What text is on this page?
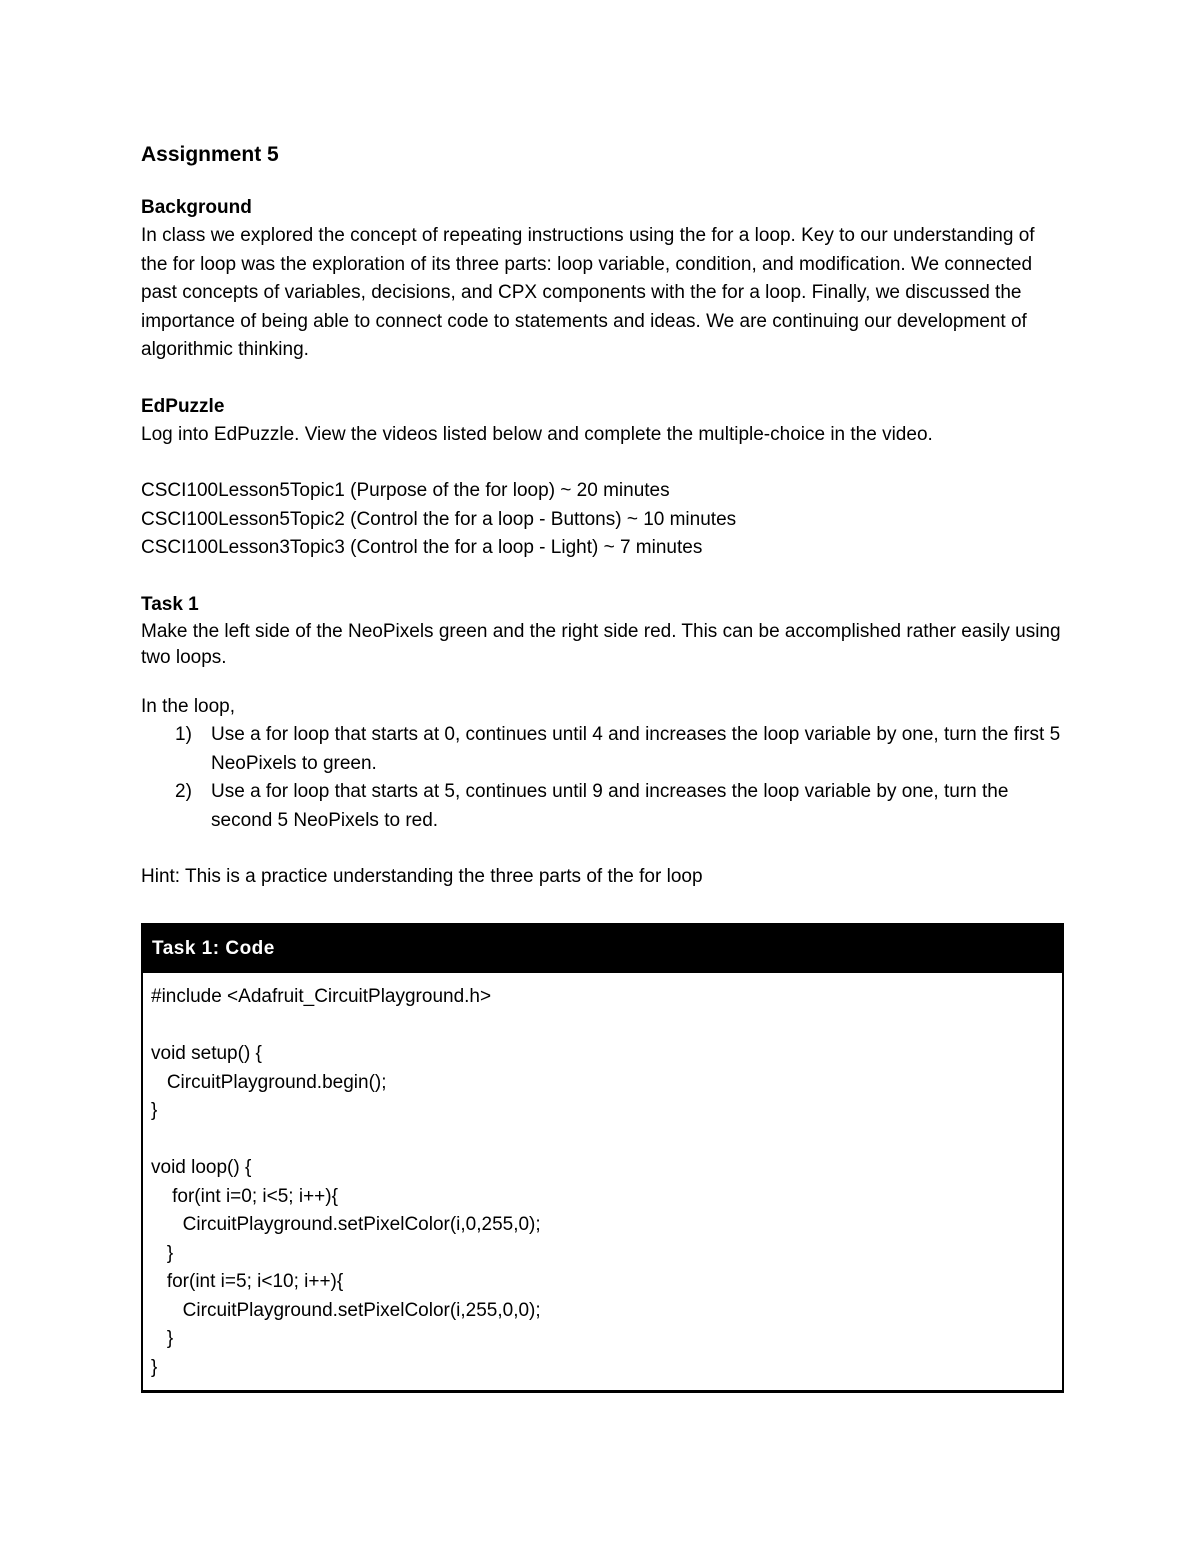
Assignment 5
Background
In class we explored the concept of repeating instructions using the for a loop. Key to our understanding of the for loop was the exploration of its three parts: loop variable, condition, and modification. We connected past concepts of variables, decisions, and CPX components with the for a loop. Finally, we discussed the importance of being able to connect code to statements and ideas. We are continuing our development of algorithmic thinking.
EdPuzzle
Log into EdPuzzle. View the videos listed below and complete the multiple-choice in the video.
CSCI100Lesson5Topic1 (Purpose of the for loop) ~ 20 minutes
CSCI100Lesson5Topic2 (Control the for a loop - Buttons) ~ 10 minutes
CSCI100Lesson3Topic3 (Control the for a loop - Light) ~ 7 minutes
Task 1
Make the left side of the NeoPixels green and the right side red. This can be accomplished rather easily using two loops.
In the loop,
1) Use a for loop that starts at 0, continues until 4 and increases the loop variable by one, turn the first 5 NeoPixels to green.
2) Use a for loop that starts at 5, continues until 9 and increases the loop variable by one, turn the second 5 NeoPixels to red.
Hint: This is a practice understanding the three parts of the for loop
Task 1: Code
#include <Adafruit_CircuitPlayground.h>
void setup() {
CircuitPlayground.begin();
}
void loop() {
for(int i=0; i<5; i++){
CircuitPlayground.setPixelColor(i,0,255,0);
}
for(int i=5; i<10; i++){
CircuitPlayground.setPixelColor(i,255,0,0);
}
}
